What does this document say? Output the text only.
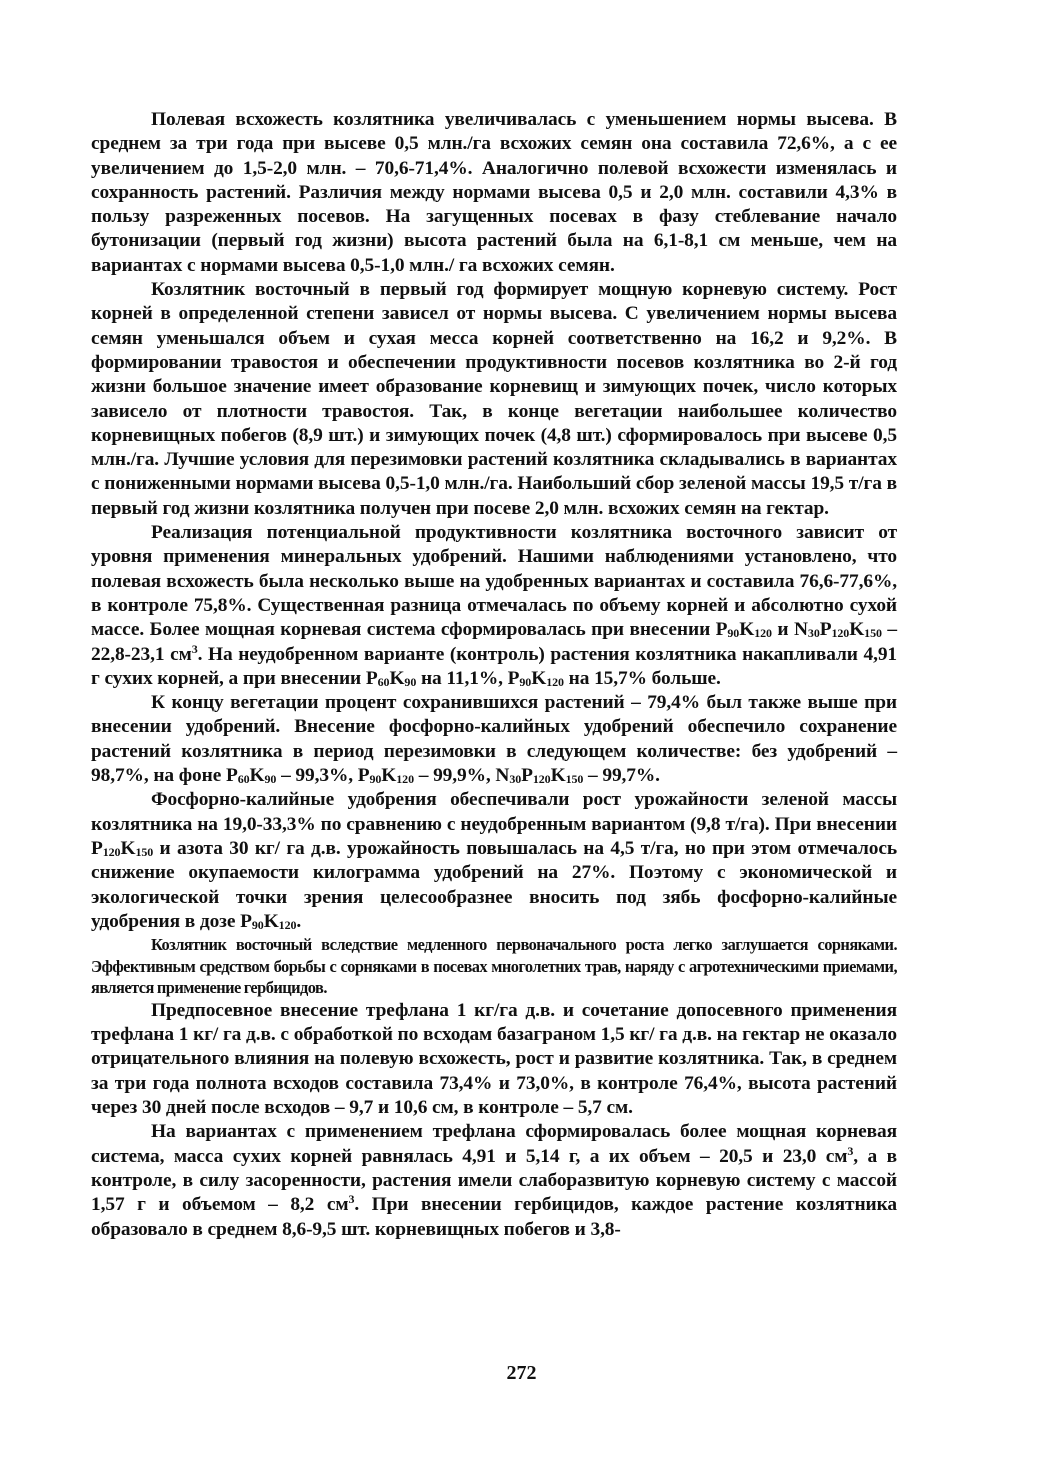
Полевая всхожесть козлятника увеличивалась с уменьшением нормы высева. В среднем за три года при высеве 0,5 млн./га всхожих семян она составила 72,6%, а с ее увеличением до 1,5-2,0 млн. – 70,6-71,4%. Аналогично полевой всхожести изменялась и сохранность растений. Различия между нормами высева 0,5 и 2,0 млн. составили 4,3% в пользу разреженных посевов. На загущенных посевах в фазу стеблевание начало бутонизации (первый год жизни) высота растений была на 6,1-8,1 см меньше, чем на вариантах с нормами высева 0,5-1,0 млн./ га всхожих семян.

Козлятник восточный в первый год формирует мощную корневую систему. Рост корней в определенной степени зависел от нормы высева. С увеличением нормы высева семян уменьшался объем и сухая месса корней соответственно на 16,2 и 9,2%. В формировании травостоя и обеспечении продуктивности посевов козлятника во 2-й год жизни большое значение имеет образование корневищ и зимующих почек, число которых зависело от плотности травостоя. Так, в конце вегетации наибольшее количество корневищных побегов (8,9 шт.) и зимующих почек (4,8 шт.) сформировалось при высеве 0,5 млн./га. Лучшие условия для перезимовки растений козлятника складывались в вариантах с пониженными нормами высева 0,5-1,0 млн./га. Наибольший сбор зеленой массы 19,5 т/га в первый год жизни козлятника получен при посеве 2,0 млн. всхожих семян на гектар.

Реализация потенциальной продуктивности козлятника восточного зависит от уровня применения минеральных удобрений. Нашими наблюдениями установлено, что полевая всхожесть была несколько выше на удобренных вариантах и составила 76,6-77,6%, в контроле 75,8%. Существенная разница отмечалась по объему корней и абсолютно сухой массе. Более мощная корневая система сформировалась при внесении $P_{90}K_{120}$ и $N_{30}P_{120}K_{150} - 22,8-23,1$ $см^3$. На неудобренном варианте (контроль) растения козлятника накапливали 4,91 г сухих корней, а при внесении $P_{60}K_{90}$ на 11,1%, $P_{90}K_{120}$ на 15,7% больше.

К концу вегетации процент сохранившихся растений – 79,4% был также выше при внесении удобрений. Внесение фосфорно-калийных удобрений обеспечило сохранение растений козлятника в период перезимовки в следующем количестве: без удобрений – 98,7%, на фоне $P_{60}K_{90} - 99,3\%$, $P_{90}K_{120} - 99,9\%$, $N_{30}P_{120}K_{150} - 99,7\%$.

Фосфорно-калийные удобрения обеспечивали рост урожайности зеленой массы козлятника на 19,0-33,3% по сравнению с неудобренным вариантом (9,8 т/га). При внесении $P_{120}K_{150}$ и азота 30 кг/ га д.в. урожайность повышалась на 4,5 т/га, но при этом отмечалось снижение окупаемости килограмма удобрений на 27%. Поэтому с экономической и экологической точки зрения целесообразнее вносить под зябь фосфорно-калийные удобрения в дозе $P_{90}K_{120}$.

Козлятник восточный вследствие медленного первоначального роста легко заглушается сорняками. Эффективным средством борьбы с сорняками в посевах многолетних трав, наряду с агротехническими приемами, является применение гербицидов.

Предпосевное внесение трефлана 1 кг/га д.в. и сочетание допосевного применения трефлана 1 кг/ га д.в. с обработкой по всходам базаграном 1,5 кг/ га д.в. на гектар не оказало отрицательного влияния на полевую всхожесть, рост и развитие козлятника. Так, в среднем за три года полнота всходов составила 73,4% и 73,0%, в контроле 76,4%, высота растений через 30 дней после всходов – 9,7 и 10,6 см, в контроле – 5,7 см.

На вариантах с применением трефлана сформировалась более мощная корневая система, масса сухих корней равнялась 4,91 и 5,14 г, а их объем – 20,5 и 23,0 $см^3$, а в контроле, в силу засоренности, растения имели слаборазвитую корневую систему с массой 1,57 г и объемом – 8,2 $см^3$. При внесении гербицидов, каждое растение козлятника образовало в среднем 8,6-9,5 шт. корневищных побегов и 3,8-

272
